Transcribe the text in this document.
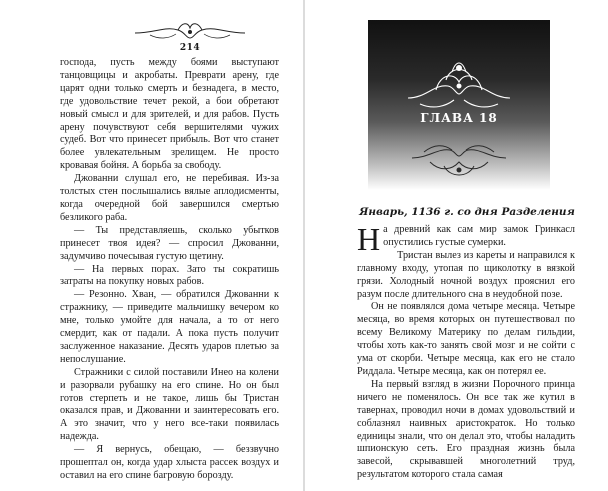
214

господа, пусть между боями выступают танцовщицы и акробаты. Преврати арену, где царят одни только смерть и безнадега, в место, где удовольствие течет рекой, а бои обретают новый смысл и для зрителей, и для рабов. Пусть арену почувствуют себя вершителями чужих судеб. Вот что принесет прибыль. Вот что станет более увлекательным зрелищем. Не просто кровавая бойня. А борьба за свободу.

Джованни слушал его, не перебивая. Из-за толстых стен послышались вялые аплодисменты, когда очередной бой завершился смертью безликого раба.

— Ты представляешь, сколько убытков принесет твоя идея? — спросил Джованни, задумчиво почесывая густую щетину.

— На первых порах. Зато ты сократишь затраты на покупку новых рабов.

— Резонно. Хван, — обратился Джованни к стражнику, — приведите мальчишку вечером ко мне, только умойте для начала, а то от него смердит, как от падали. А пока пусть получит заслуженное наказание. Десять ударов плетью за непослушание.

Стражники с силой поставили Инео на колени и разорвали рубашку на его спине. Но он был готов стерпеть и не такое, лишь бы Тристан оказался прав, и Джованни и заинтересовать его. А это значит, что у него все-таки появилась надежда.

— Я вернусь, обещаю, — беззвучно прошептал он, когда удар хлыста рассек воздух и оставил на его спине багровую борозду.

ГЛАВА 18
Январь, 1136 г. со дня Разделения

Н а древний как сам мир замок Гринкасл опустились густые сумерки.

Тристан вылез из кареты и направился к главному входу, утопая по щиколотку в вязкой грязи. Холодный ночной воздух прояснил его разум после длительного сна в неудобной позе.

Он не появлялся дома четыре месяца. Четыре месяца, во время которых он путешествовал по всему Великому Материку по делам гильдии, чтобы хоть как-то занять свой мозг и не сойти с ума от скорби. Четыре месяца, как его не стало Риддала. Четыре месяца, как он потерял ее.

На первый взгляд в жизни Порочного принца ничего не поменялось. Он все так же кутил в тавернах, проводил ночи в домах удовольствий и соблазнял наивных аристократок. Но только единицы знали, что он делал это, чтобы наладить шпионскую сеть. Его праздная жизнь была завесой, скрывавшей многолетний труд, результатом которого стала самая
